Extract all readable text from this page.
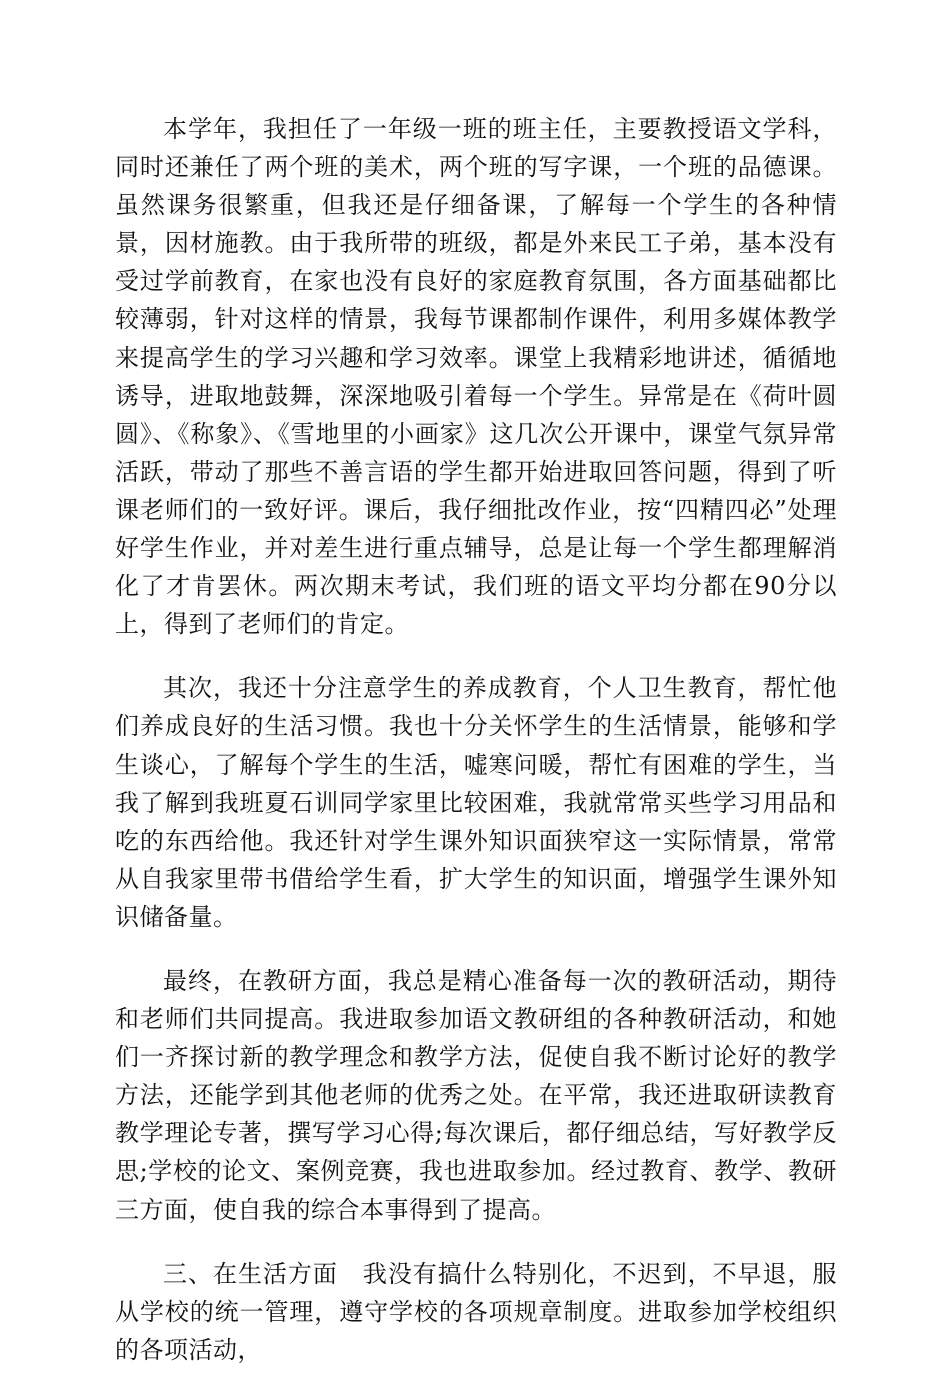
本学年，我担任了一年级一班的班主任，主要教授语文学科，同时还兼任了两个班的美术，两个班的写字课，一个班的品德课。虽然课务很繁重，但我还是仔细备课，了解每一个学生的各种情景，因材施教。由于我所带的班级，都是外来民工子弟，基本没有受过学前教育，在家也没有良好的家庭教育氛围，各方面基础都比较薄弱，针对这样的情景，我每节课都制作课件，利用多媒体教学来提高学生的学习兴趣和学习效率。课堂上我精彩地讲述，循循地诱导，进取地鼓舞，深深地吸引着每一个学生。异常是在《荷叶圆圆》、《称象》、《雪地里的小画家》这几次公开课中，课堂气氛异常活跃，带动了那些不善言语的学生都开始进取回答问题，得到了听课老师们的一致好评。课后，我仔细批改作业，按“四精四必”处理好学生作业，并对差生进行重点辅导，总是让每一个学生都理解消化了才肯罢休。两次期末考试，我们班的语文平均分都在90分以上，得到了老师们的肯定。

其次，我还十分注意学生的养成教育，个人卫生教育，帮忙他们养成良好的生活习惯。我也十分关怀学生的生活情景，能够和学生谈心，了解每个学生的生活，嘘寒问暖，帮忙有困难的学生，当我了解到我班夏石训同学家里比较困难，我就常常买些学习用品和吃的东西给他。我还针对学生课外知识面狭窄这一实际情景，常常从自我家里带书借给学生看，扩大学生的知识面，增强学生课外知识储备量。

最终，在教研方面，我总是精心准备每一次的教研活动，期待和老师们共同提高。我进取参加语文教研组的各种教研活动，和她们一齐探讨新的教学理念和教学方法，促使自我不断讨论好的教学方法，还能学到其他老师的优秀之处。在平常，我还进取研读教育教学理论专著，撰写学习心得;每次课后，都仔细总结，写好教学反思;学校的论文、案例竞赛，我也进取参加。经过教育、教学、教研三方面，使自我的综合本事得到了提高。

三、在生活方面　我没有搞什么特别化，不迟到，不早退，服从学校的统一管理，遵守学校的各项规章制度。进取参加学校组织的各项活动，
